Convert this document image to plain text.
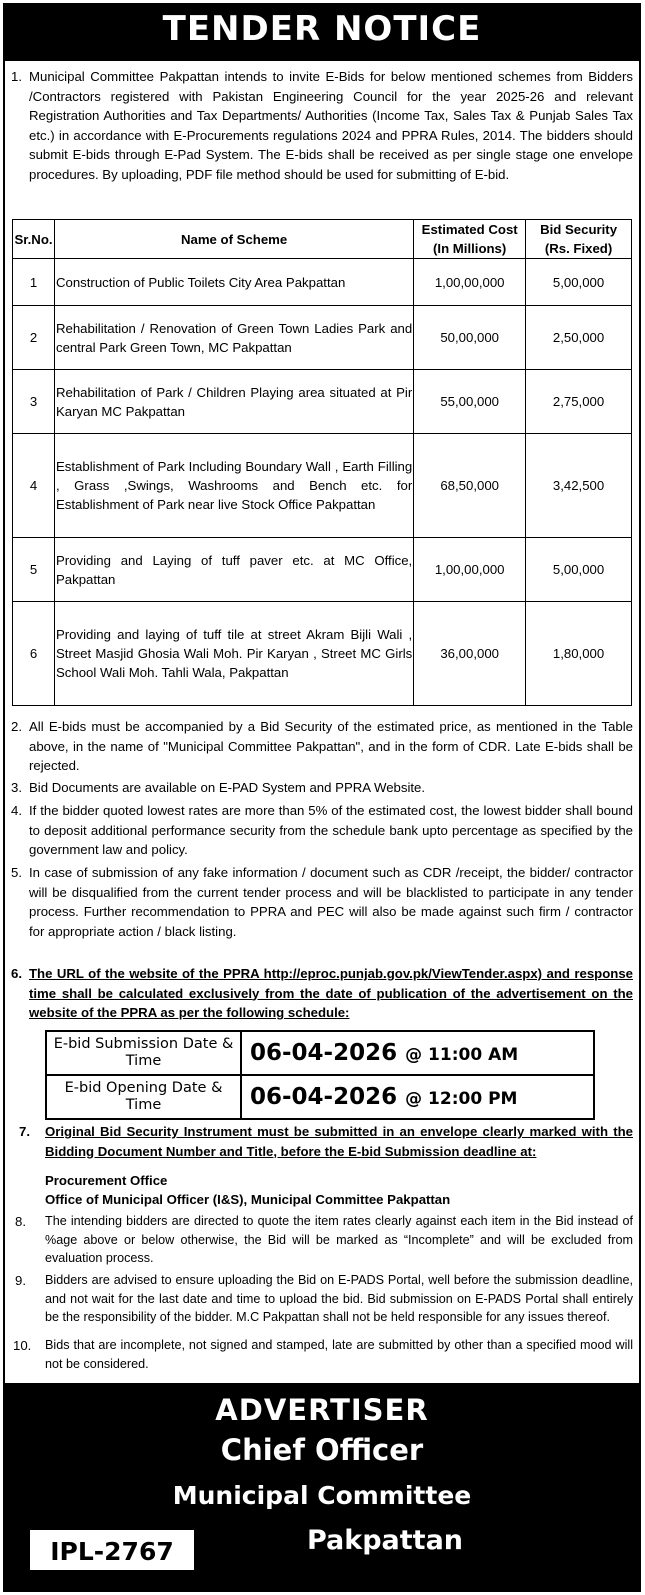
TENDER NOTICE
1. Municipal Committee Pakpattan intends to invite E-Bids for below mentioned schemes from Bidders /Contractors registered with Pakistan Engineering Council for the year 2025-26 and relevant Registration Authorities and Tax Departments/ Authorities (Income Tax, Sales Tax & Punjab Sales Tax etc.) in accordance with E-Procurements regulations 2024 and PPRA Rules, 2014. The bidders should submit E-bids through E-Pad System. The E-bids shall be received as per single stage one envelope procedures. By uploading, PDF file method should be used for submitting of E-bid.
Sr.No.	Name of Scheme	Estimated Cost (In Millions)	Bid Security (Rs. Fixed)
1	Construction of Public Toilets City Area Pakpattan	1,00,00,000	5,00,000
2	Rehabilitation / Renovation of Green Town Ladies Park and central Park Green Town, MC Pakpattan	50,00,000	2,50,000
3	Rehabilitation of Park / Children Playing area situated at Pir Karyan MC Pakpattan	55,00,000	2,75,000
4	Establishment of Park Including Boundary Wall , Earth Filling , Grass ,Swings, Washrooms and Bench etc. for Establishment of Park near live Stock Office Pakpattan	68,50,000	3,42,500
5	Providing and Laying of tuff paver etc. at MC Office, Pakpattan	1,00,00,000	5,00,000
6	Providing and laying of tuff tile at street Akram Bijli Wali , Street Masjid Ghosia Wali Moh. Pir Karyan , Street MC Girls School Wali Moh. Tahli Wala, Pakpattan	36,00,000	1,80,000
2. All E-bids must be accompanied by a Bid Security of the estimated price, as mentioned in the Table above, in the name of "Municipal Committee Pakpattan", and in the form of CDR. Late E-bids shall be rejected.
3. Bid Documents are available on E-PAD System and PPRA Website.
4. If the bidder quoted lowest rates are more than 5% of the estimated cost, the lowest bidder shall bound to deposit additional performance security from the schedule bank upto percentage as specified by the government law and policy.
5. In case of submission of any fake information / document such as CDR /receipt, the bidder/ contractor will be disqualified from the current tender process and will be blacklisted to participate in any tender process. Further recommendation to PPRA and PEC will also be made against such firm / contractor for appropriate action / black listing.
6. The URL of the website of the PPRA http://eproc.punjab.gov.pk/ViewTender.aspx) and response time shall be calculated exclusively from the date of publication of the advertisement on the website of the PPRA as per the following schedule:
E-bid Submission Date & Time	06-04-2026 @ 11:00 AM
E-bid Opening Date & Time	06-04-2026 @ 12:00 PM
7. Original Bid Security Instrument must be submitted in an envelope clearly marked with the Bidding Document Number and Title, before the E-bid Submission deadline at:
Procurement Office
Office of Municipal Officer (I&S), Municipal Committee Pakpattan
8. The intending bidders are directed to quote the item rates clearly against each item in the Bid instead of %age above or below otherwise, the Bid will be marked as “Incomplete” and will be excluded from evaluation process.
9. Bidders are advised to ensure uploading the Bid on E-PADS Portal, well before the submission deadline, and not wait for the last date and time to upload the bid. Bid submission on E-PADS Portal shall entirely be the responsibility of the bidder. M.C Pakpattan shall not be held responsible for any issues thereof.
10. Bids that are incomplete, not signed and stamped, late are submitted by other than a specified mood will not be considered.
ADVERTISER
Chief Officer
Municipal Committee
IPL-2767	Pakpattan
